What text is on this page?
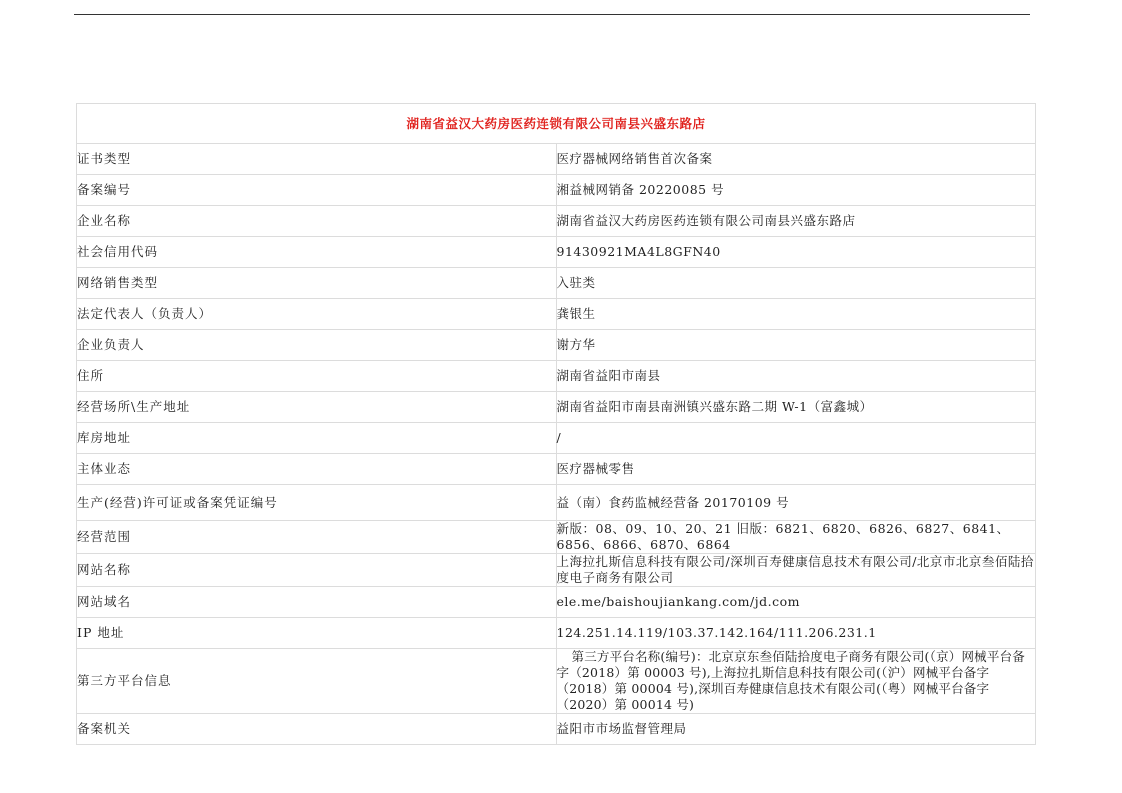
湖南省益汉大药房医药连锁有限公司南县兴盛东路店	
证书类型	医疗器械网络销售首次备案
备案编号	湘益械网销备 20220085 号
企业名称	湖南省益汉大药房医药连锁有限公司南县兴盛东路店
社会信用代码	91430921MA4L8GFN40
网络销售类型	入驻类
法定代表人（负责人）	龚银生
企业负责人	谢方华
住所	湖南省益阳市南县
经营场所\生产地址	湖南省益阳市南县南洲镇兴盛东路二期 W-1（富鑫城）
库房地址	/
主体业态	医疗器械零售
生产(经营)许可证或备案凭证编号	益（南）食药监械经营备 20170109 号
经营范围	新版：08、09、10、20、21 旧版：6821、6820、6826、6827、6841、6856、6866、6870、6864
网站名称	上海拉扎斯信息科技有限公司/深圳百寿健康信息技术有限公司/北京市北京叁佰陆拾度电子商务有限公司
网站域名	ele.me/baishoujiankang.com/jd.com
IP 地址	124.251.14.119/103.37.142.164/111.206.231.1
第三方平台信息	第三方平台名称(编号)：北京京东叁佰陆拾度电子商务有限公司(（京）网械平台备字（2018）第 00003 号),上海拉扎斯信息科技有限公司(（沪）网械平台备字（2018）第 00004 号),深圳百寿健康信息技术有限公司(（粤）网械平台备字（2020）第 00014 号)
备案机关	益阳市市场监督管理局
